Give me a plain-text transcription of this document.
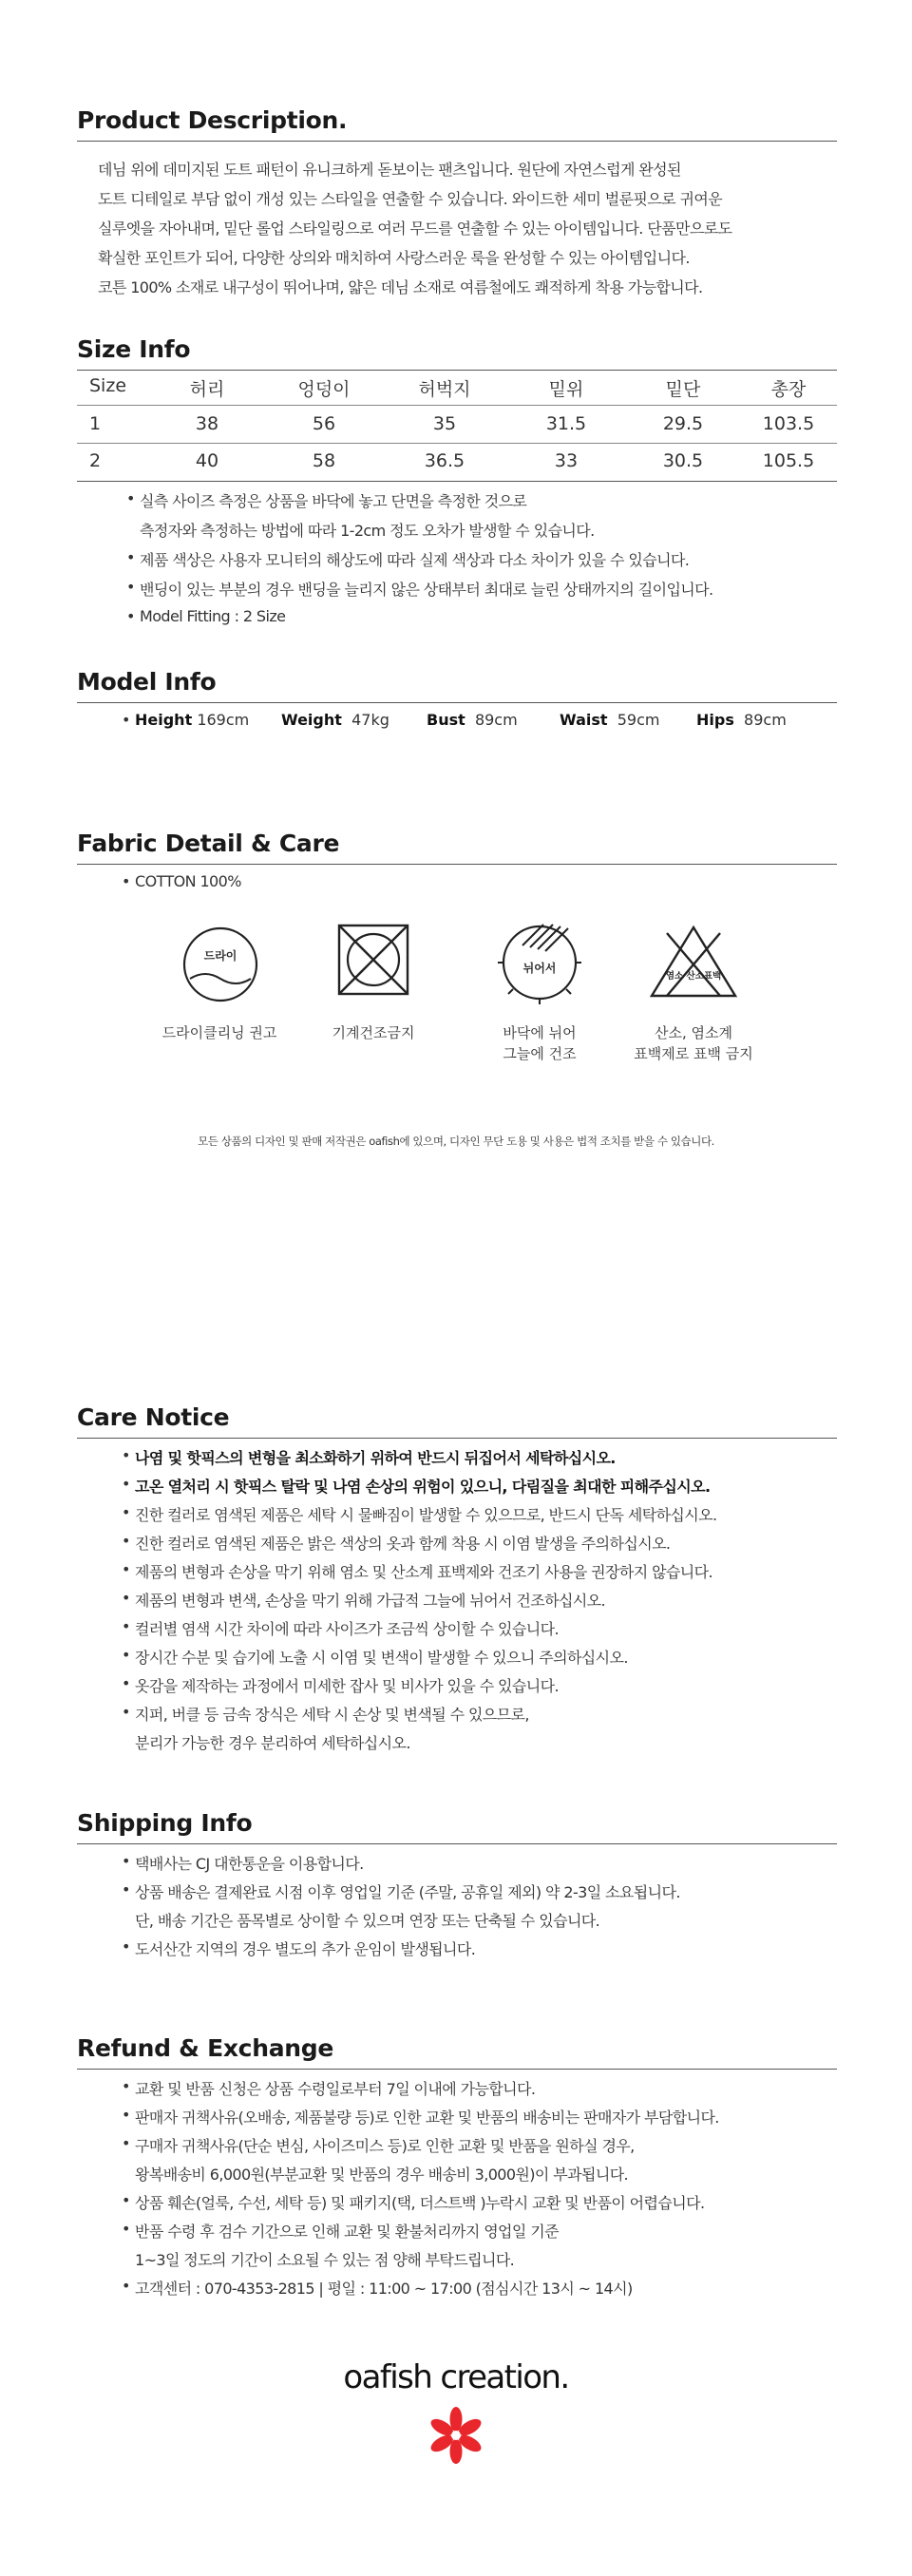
Product Description.
데님 위에 데미지된 도트 패턴이 유니크하게 돋보이는 팬츠입니다. 원단에 자연스럽게 완성된
도트 디테일로 부담 없이 개성 있는 스타일을 연출할 수 있습니다. 와이드한 세미 벌룬핏으로 귀여운
실루엣을 자아내며, 밑단 롤업 스타일링으로 여러 무드를 연출할 수 있는 아이템입니다. 단품만으로도
확실한 포인트가 되어, 다양한 상의와 매치하여 사랑스러운 룩을 완성할 수 있는 아이템입니다.
코튼 100% 소재로 내구성이 뛰어나며, 얇은 데님 소재로 여름철에도 쾌적하게 착용 가능합니다.
Size Info
Size	허리	엉덩이	허벅지	밑위	밑단	총장
1	38	56	35	31.5	29.5	103.5
2	40	58	36.5	33	30.5	105.5
• 실측 사이즈 측정은 상품을 바닥에 놓고 단면을 측정한 것으로
측정자와 측정하는 방법에 따라 1-2cm 정도 오차가 발생할 수 있습니다.
• 제품 색상은 사용자 모니터의 해상도에 따라 실제 색상과 다소 차이가 있을 수 있습니다.
• 밴딩이 있는 부분의 경우 밴딩을 늘리지 않은 상태부터 최대로 늘린 상태까지의 길이입니다.
• Model Fitting : 2 Size
Model Info
• Height 169cm Weight 47kg Bust 89cm	Waist 59cm Hips 89cm
Fabric Detail & Care
• COTTON 100%
드라이
뉘어서
염소 산소표백
드라이클리닝 권고	기계건조금지	바닥에 뉘어
그늘에 건조
산소, 염소계
표백제로 표백 금지
모든 상품의 디자인 및 판매 저작권은 oafish에 있으며, 디자인 무단 도용 및 사용은 법적 조치를 받을 수 있습니다.
Care Notice
• 나염 및 핫픽스의 변형을 최소화하기 위하여 반드시 뒤집어서 세탁하십시오.
• 고온 열처리 시 핫픽스 탈락 및 나염 손상의 위험이 있으니, 다림질을 최대한 피해주십시오.
• 진한 컬러로 염색된 제품은 세탁 시 물빠짐이 발생할 수 있으므로, 반드시 단독 세탁하십시오.
• 진한 컬러로 염색된 제품은 밝은 색상의 옷과 함께 착용 시 이염 발생을 주의하십시오.
• 제품의 변형과 손상을 막기 위해 염소 및 산소계 표백제와 건조기 사용을 권장하지 않습니다.
• 제품의 변형과 변색, 손상을 막기 위해 가급적 그늘에 뉘어서 건조하십시오.
• 컬러별 염색 시간 차이에 따라 사이즈가 조금씩 상이할 수 있습니다.
• 장시간 수분 및 습기에 노출 시 이염 및 변색이 발생할 수 있으니 주의하십시오.
• 옷감을 제작하는 과정에서 미세한 잡사 및 비사가 있을 수 있습니다.
• 지퍼, 버클 등 금속 장식은 세탁 시 손상 및 변색될 수 있으므로,
분리가 가능한 경우 분리하여 세탁하십시오.
Shipping Info
• 택배사는 CJ 대한통운을 이용합니다.
• 상품 배송은 결제완료 시점 이후 영업일 기준 (주말, 공휴일 제외) 약 2-3일 소요됩니다.
단, 배송 기간은 품목별로 상이할 수 있으며 연장 또는 단축될 수 있습니다.
• 도서산간 지역의 경우 별도의 추가 운임이 발생됩니다.
Refund & Exchange
• 교환 및 반품 신청은 상품 수령일로부터 7일 이내에 가능합니다.
• 판매자 귀책사유(오배송, 제품불량 등)로 인한 교환 및 반품의 배송비는 판매자가 부담합니다.
• 구매자 귀책사유(단순 변심, 사이즈미스 등)로 인한 교환 및 반품을 원하실 경우,
왕복배송비 6,000원(부분교환 및 반품의 경우 배송비 3,000원)이 부과됩니다.
• 상품 훼손(얼룩, 수선, 세탁 등) 및 패키지(택, 더스트백 )누락시 교환 및 반품이 어렵습니다.
• 반품 수령 후 검수 기간으로 인해 교환 및 환불처리까지 영업일 기준
1~3일 정도의 기간이 소요될 수 있는 점 양해 부탁드립니다.
• 고객센터 : 070-4353-2815 | 평일 : 11:00 ~ 17:00 (점심시간 13시 ~ 14시)
oafish creation.
